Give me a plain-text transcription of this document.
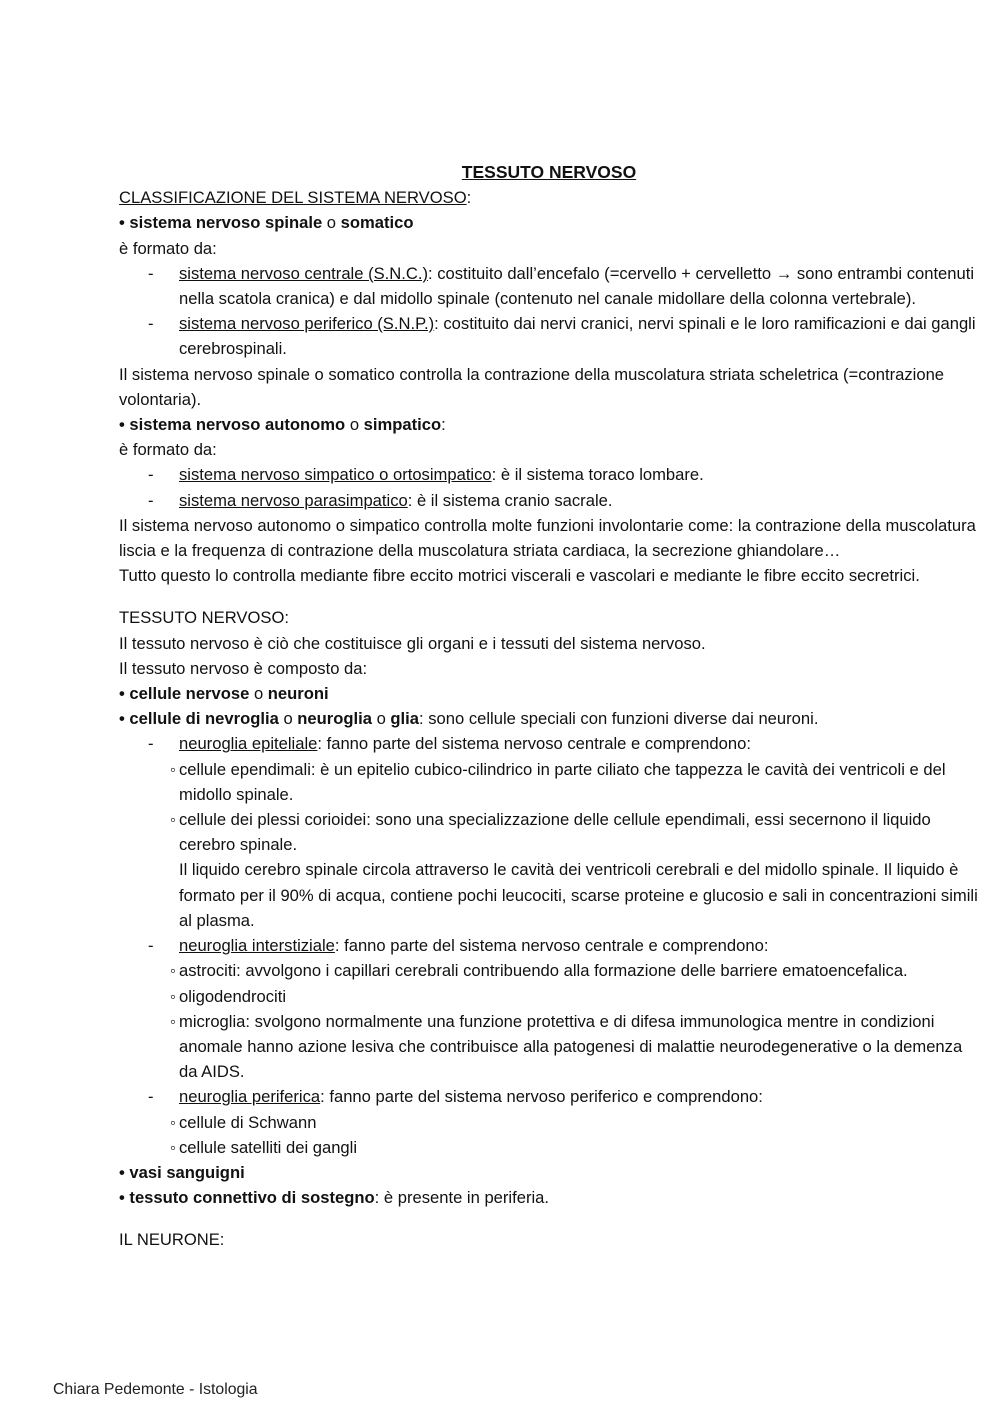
TESSUTO NERVOSO
CLASSIFICAZIONE DEL SISTEMA NERVOSO:
• sistema nervoso spinale o somatico
è formato da:
- sistema nervoso centrale (S.N.C.): costituito dall’encefalo (=cervello + cervelletto → sono entrambi contenuti nella scatola cranica) e dal midollo spinale (contenuto nel canale midollare della colonna vertebrale).
- sistema nervoso periferico (S.N.P.): costituito dai nervi cranici, nervi spinali e le loro ramificazioni e dai gangli cerebrospinali.
Il sistema nervoso spinale o somatico controlla la contrazione della muscolatura striata scheletrica (=contrazione volontaria).
• sistema nervoso autonomo o simpatico:
è formato da:
- sistema nervoso simpatico o ortosimpatico: è il sistema toraco lombare.
- sistema nervoso parasimpatico: è il sistema cranio sacrale.
Il sistema nervoso autonomo o simpatico controlla molte funzioni involontarie come: la contrazione della muscolatura liscia e la frequenza di contrazione della muscolatura striata cardiaca, la secrezione ghiandolare…
Tutto questo lo controlla mediante fibre eccito motrici viscerali e vascolari e mediante le fibre eccito secretrici.
TESSUTO NERVOSO:
Il tessuto nervoso è ciò che costituisce gli organi e i tessuti del sistema nervoso.
Il tessuto nervoso è composto da:
• cellule nervose o neuroni
• cellule di nevroglia o neuroglia o glia: sono cellule speciali con funzioni diverse dai neuroni.
- neuroglia epiteliale: fanno parte del sistema nervoso centrale e comprendono:
◦ cellule ependimali: è un epitelio cubico-cilindrico in parte ciliato che tappezza le cavità dei ventricoli e del midollo spinale.
◦ cellule dei plessi corioidei: sono una specializzazione delle cellule ependimali, essi secernono il liquido cerebro spinale.
Il liquido cerebro spinale circola attraverso le cavità dei ventricoli cerebrali e del midollo spinale. Il liquido è formato per il 90% di acqua, contiene pochi leucociti, scarse proteine e glucosio e sali in concentrazioni simili al plasma.
- neuroglia interstiziale: fanno parte del sistema nervoso centrale e comprendono:
◦ astrociti: avvolgono i capillari cerebrali contribuendo alla formazione delle barriere ematoencefalica.
◦ oligodendrociti
◦ microglia: svolgono normalmente una funzione protettiva e di difesa immunologica mentre in condizioni anomale hanno azione lesiva che contribuisce alla patogenesi di malattie neurodegenerative o la demenza da AIDS.
- neuroglia periferica: fanno parte del sistema nervoso periferico e comprendono:
◦ cellule di Schwann
◦ cellule satelliti dei gangli
• vasi sanguigni
• tessuto connettivo di sostegno: è presente in periferia.
IL NEURONE:
Chiara Pedemonte - Istologia
